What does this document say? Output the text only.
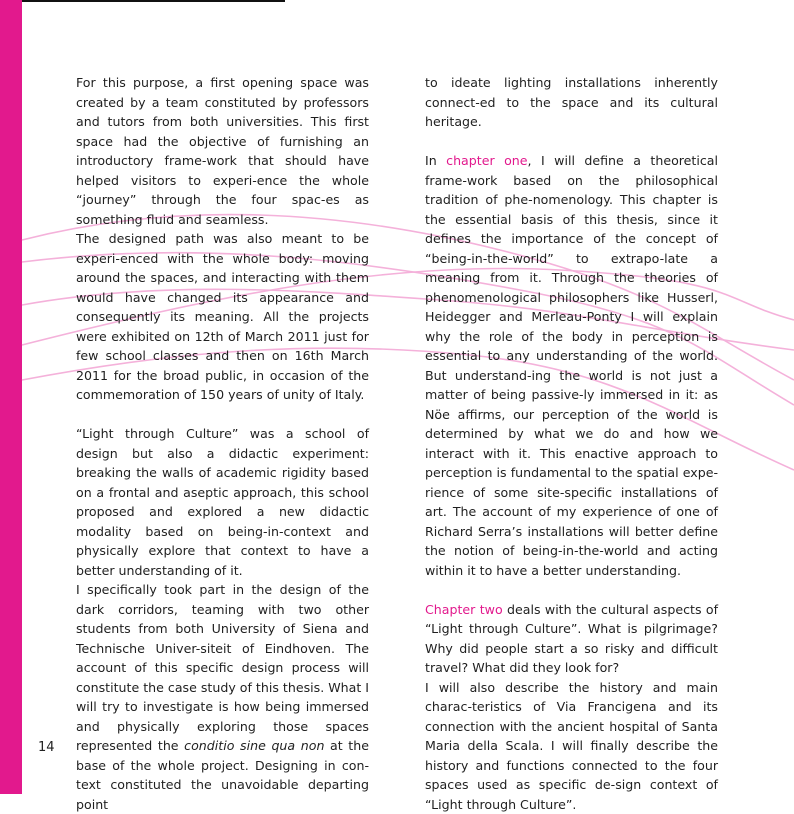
For this purpose, a first opening space was created by a team constituted by professors and tutors from both universities. This first space had the objective of furnishing an introductory frame-work that should have helped visitors to experi-ence the whole “journey” through the four spac-es as something fluid and seamless.

The designed path was also meant to be experi-enced with the whole body: moving around the spaces, and interacting with them would have changed its appearance and consequently its meaning. All the projects were exhibited on 12th of March 2011 just for few school classes and then on 16th March 2011 for the broad public, in occasion of the commemoration of 150 years of unity of Italy.

“Light through Culture” was a school of design but also a didactic experiment: breaking the walls of academic rigidity based on a frontal and aseptic approach, this school proposed and explored a new didactic modality based on being-in-context and physically explore that context to have a better understanding of it.

I specifically took part in the design of the dark corridors, teaming with two other students from both University of Siena and Technische Univer-siteit of Eindhoven. The account of this specific design process will constitute the case study of this thesis. What I will try to investigate is how being immersed and physically exploring those spaces represented the conditio sine qua non at the base of the whole project. Designing in con-text constituted the unavoidable departing point

to ideate lighting installations inherently connect-ed to the space and its cultural heritage.

In chapter one, I will define a theoretical frame-work based on the philosophical tradition of phe-nomenology. This chapter is the essential basis of this thesis, since it defines the importance of the concept of “being-in-the-world” to extrapo-late a meaning from it. Through the theories of phenomenological philosophers like Husserl, Heidegger and Merleau-Ponty I will explain why the role of the body in perception is essential to any understanding of the world. But understand-ing the world is not just a matter of being passive-ly immersed in it: as Nöe affirms, our perception of the world is determined by what we do and how we interact with it. This enactive approach to perception is fundamental to the spatial expe-rience of some site-specific installations of art. The account of my experience of one of Richard Serra’s installations will better define the notion of being-in-the-world and acting within it to have a better understanding.

Chapter two deals with the cultural aspects of “Light through Culture”. What is pilgrimage? Why did people start a so risky and difficult travel? What did they look for?

I will also describe the history and main charac-teristics of Via Francigena and its connection with the ancient hospital of Santa Maria della Scala. I will finally describe the history and functions connected to the four spaces used as specific de-sign context of “Light through Culture”.

14
